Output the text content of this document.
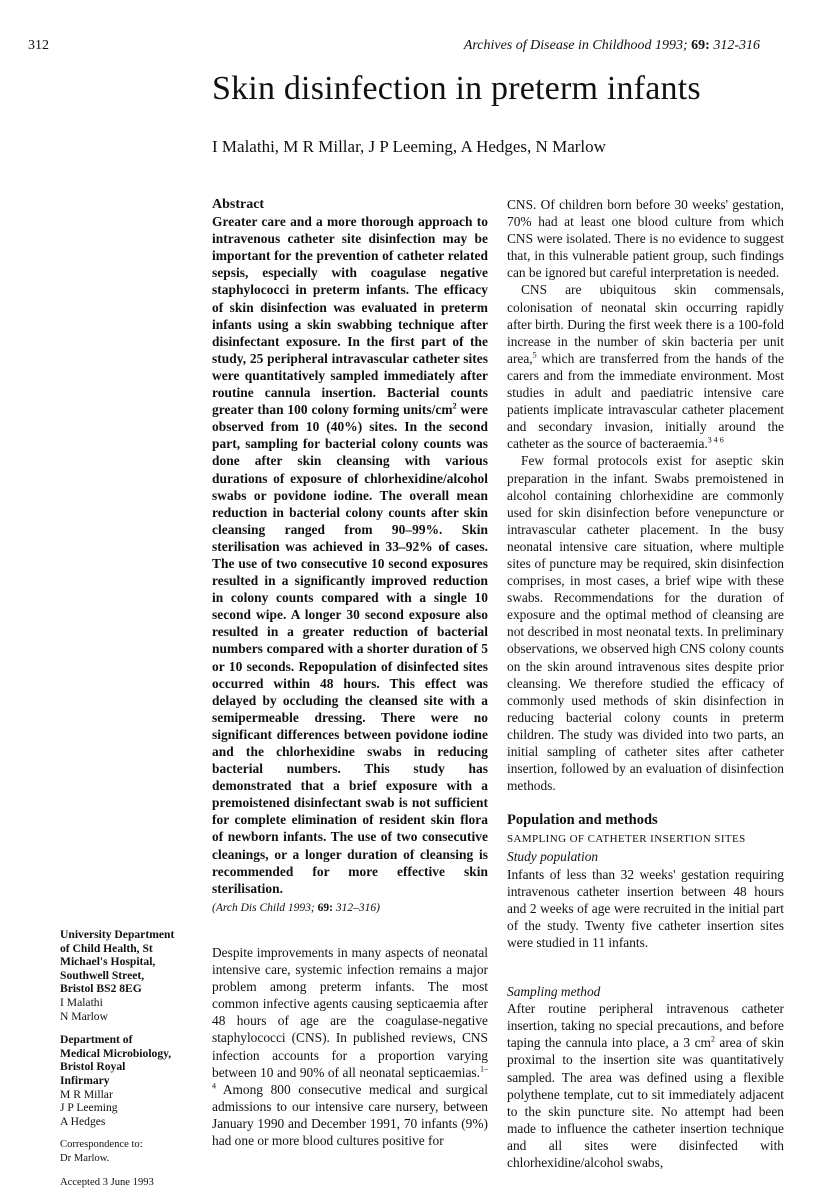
312	Archives of Disease in Childhood 1993; 69: 312-316
Skin disinfection in preterm infants
I Malathi, M R Millar, J P Leeming, A Hedges, N Marlow

Abstract

Greater care and a more thorough approach to intravenous catheter site disinfection may be important for the prevention of catheter related sepsis, especially with coagulase negative staphylococci in preterm infants. The efficacy of skin disinfection was evaluated in preterm infants using a skin swabbing technique after disinfectant exposure. In the first part of the study, 25 peripheral intravascular catheter sites were quantitatively sampled immediately after routine cannula insertion. Bacterial counts greater than 100 colony forming units/$cm^2$ were observed from 10 (40%) sites. In the second part, sampling for bacterial colony counts was done after skin cleansing with various durations of exposure of chlorhexidine/alcohol swabs or povidone iodine. The overall mean reduction in bacterial colony counts after skin cleansing ranged from 90–99%. Skin sterilisation was achieved in 33–92% of cases. The use of two consecutive 10 second exposures resulted in a significantly improved reduction in colony counts compared with a single 10 second wipe. A longer 30 second exposure also resulted in a greater reduction of bacterial numbers compared with a shorter duration of 5 or 10 seconds. Repopulation of disinfected sites occurred within 48 hours. This effect was delayed by occluding the cleansed site with a semipermeable dressing. There were no significant differences between povidone iodine and the chlorhexidine swabs in reducing bacterial numbers. This study has demonstrated that a brief exposure with a premoistened disinfectant swab is not sufficient for complete elimination of resident skin flora of newborn infants. The use of two consecutive cleanings, or a longer duration of cleansing is recommended for more effective skin sterilisation.

(Arch Dis Child 1993; 69: 312–316)

Despite improvements in many aspects of neonatal intensive care, systemic infection remains a major problem among preterm infants. The most common infective agents causing septicaemia after 48 hours of age are the coagulase-negative staphylococci (CNS). In published reviews, CNS infection accounts for a proportion varying between 10 and 90% of all neonatal septicaemias.$^{1-4}$ Among 800 consecutive medical and surgical admissions to our intensive care nursery, between January 1990 and December 1991, 70 infants (9%) had one or more blood cultures positive for

CNS. Of children born before 30 weeks' gestation, 70% had at least one blood culture from which CNS were isolated. There is no evidence to suggest that, in this vulnerable patient group, such findings can be ignored but careful interpretation is needed.

CNS are ubiquitous skin commensals, colonisation of neonatal skin occurring rapidly after birth. During the first week there is a 100-fold increase in the number of skin bacteria per unit area,$^5$ which are transferred from the hands of the carers and from the immediate environment. Most studies in adult and paediatric intensive care patients implicate intravascular catheter placement and secondary invasion, initially around the catheter as the source of bacteraemia.$^{3 4 6}$

Few formal protocols exist for aseptic skin preparation in the infant. Swabs premoistened in alcohol containing chlorhexidine are commonly used for skin disinfection before venepuncture or intravascular catheter placement. In the busy neonatal intensive care situation, where multiple sites of puncture may be required, skin disinfection comprises, in most cases, a brief wipe with these swabs. Recommendations for the duration of exposure and the optimal method of cleansing are not described in most neonatal texts. In preliminary observations, we observed high CNS colony counts on the skin around intravenous sites despite prior cleansing. We therefore studied the efficacy of commonly used methods of skin disinfection in reducing bacterial colony counts in preterm children. The study was divided into two parts, an initial sampling of catheter sites after catheter insertion, followed by an evaluation of disinfection methods.

Population and methods

SAMPLING OF CATHETER INSERTION SITES

Study population

Infants of less than 32 weeks' gestation requiring intravenous catheter insertion between 48 hours and 2 weeks of age were recruited in the initial part of the study. Twenty five catheter insertion sites were studied in 11 infants.

Sampling method

After routine peripheral intravenous catheter insertion, taking no special precautions, and before taping the cannula into place, a 3 $cm^2$ area of skin proximal to the insertion site was quantitatively sampled. The area was defined using a flexible polythene template, cut to sit immediately adjacent to the skin puncture site. No attempt had been made to influence the catheter insertion technique and all sites were disinfected with chlorhexidine/alcohol swabs,

University Department
of Child Health, St
Michael's Hospital,
Southwell Street,
Bristol BS2 8EG
I Malathi
N Marlow
Department of
Medical Microbiology,
Bristol Royal
Infirmary
M R Millar
J P Leeming
A Hedges
Correspondence to:
Dr Marlow.
Accepted 3 June 1993
